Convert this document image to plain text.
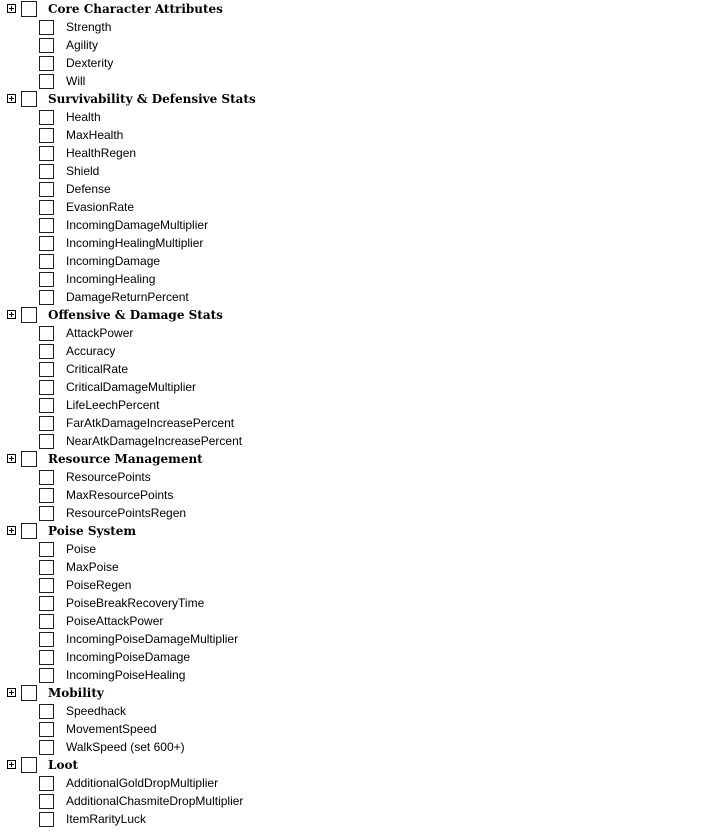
Core Character Attributes
Strength
Agility
Dexterity
Will
Survivability & Defensive Stats
Health
MaxHealth
HealthRegen
Shield
Defense
EvasionRate
IncomingDamageMultiplier
IncomingHealingMultiplier
IncomingDamage
IncomingHealing
DamageReturnPercent
Offensive & Damage Stats
AttackPower
Accuracy
CriticalRate
CriticalDamageMultiplier
LifeLeechPercent
FarAtkDamageIncreasePercent
NearAtkDamageIncreasePercent
Resource Management
ResourcePoints
MaxResourcePoints
ResourcePointsRegen
Poise System
Poise
MaxPoise
PoiseRegen
PoiseBreakRecoveryTime
PoiseAttackPower
IncomingPoiseDamageMultiplier
IncomingPoiseDamage
IncomingPoiseHealing
Mobility
Speedhack
MovementSpeed
WalkSpeed (set 600+)
Loot
AdditionalGoldDropMultiplier
AdditionalChasmiteDropMultiplier
ItemRarityLuck
